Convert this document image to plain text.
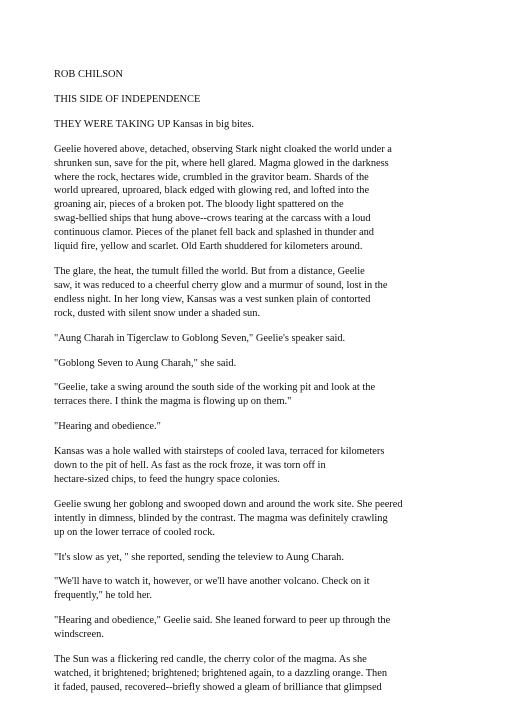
ROB CHILSON
THIS SIDE OF INDEPENDENCE
THEY WERE TAKING UP Kansas in big bites.
Geelie hovered above, detached, observing Stark night cloaked the world under a
shrunken sun, save for the pit, where hell glared. Magma glowed in the darkness
where the rock, hectares wide, crumbled in the gravitor beam. Shards of the
world upreared, uproared, black edged with glowing red, and lofted into the
groaning air, pieces of a broken pot. The bloody light spattered on the
swag-bellied ships that hung above--crows tearing at the carcass with a loud
continuous clamor. Pieces of the planet fell back and splashed in thunder and
liquid fire, yellow and scarlet. Old Earth shuddered for kilometers around.
The glare, the heat, the tumult filled the world. But from a distance, Geelie
saw, it was reduced to a cheerful cherry glow and a murmur of sound, lost in the
endless night. In her long view, Kansas was a vest sunken plain of contorted
rock, dusted with silent snow under a shaded sun.
"Aung Charah in Tigerclaw to Goblong Seven," Geelie's speaker said.
"Goblong Seven to Aung Charah," she said.
"Geelie, take a swing around the south side of the working pit and look at the
terraces there. I think the magma is flowing up on them."
"Hearing and obedience."
Kansas was a hole walled with stairsteps of cooled lava, terraced for kilometers
down to the pit of hell. As fast as the rock froze, it was torn off in
hectare-sized chips, to feed the hungry space colonies.
Geelie swung her goblong and swooped down and around the work site. She peered
intently in dimness, blinded by the contrast. The magma was definitely crawling
up on the lower terrace of cooled rock.
"It's slow as yet, " she reported, sending the teleview to Aung Charah.
"We'll have to watch it, however, or we'll have another volcano. Check on it
frequently," he told her.
"Hearing and obedience," Geelie said. She leaned forward to peer up through the
windscreen.
The Sun was a flickering red candle, the cherry color of the magma. As she
watched, it brightened; brightened; brightened again, to a dazzling orange. Then
it faded, paused, recovered--briefly showed a gleam of brilliance that glimpsed
